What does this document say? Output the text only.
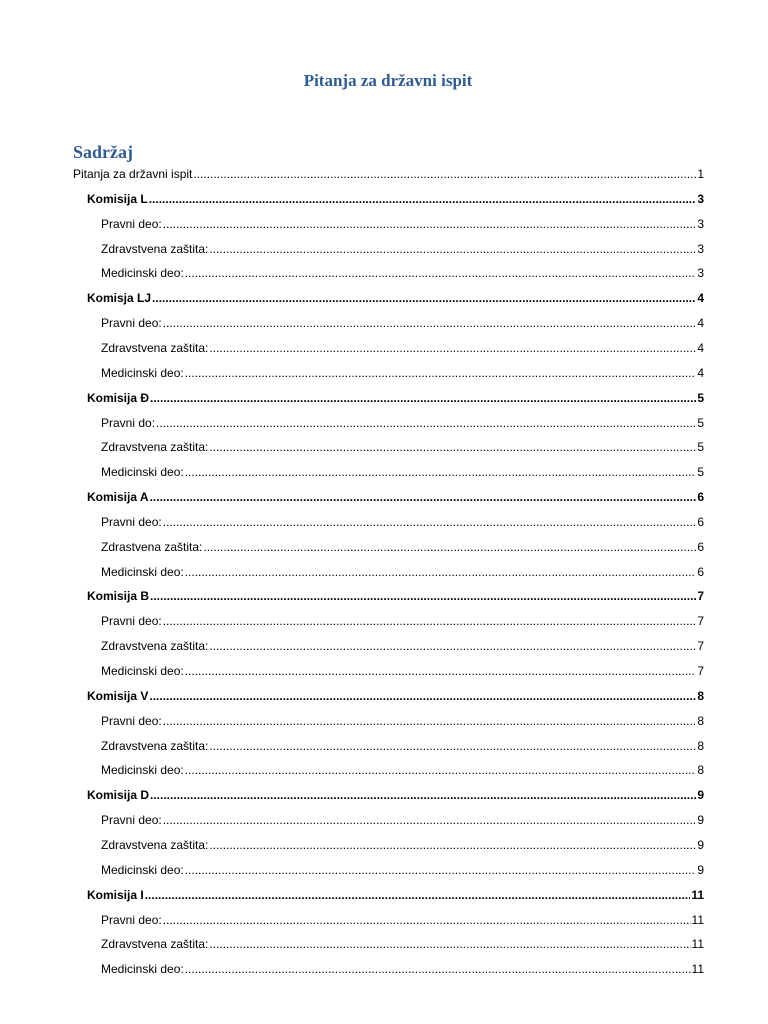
Pitanja za državni ispit
Sadržaj
Pitanja za državni ispit .....	1
Komisija L .....	3
Pravni deo: .....	3
Zdravstvena zaštita: .....	3
Medicinski deo: .....	3
Komisja LJ .....	4
Pravni deo: .....	4
Zdravstvena zaštita: .....	4
Medicinski deo: .....	4
Komisija Đ .....	5
Pravni do: .....	5
Zdravstvena zaštita: .....	5
Medicinski deo: .....	5
Komisija A .....	6
Pravni deo: .....	6
Zdrastvena zaštita: .....	6
Medicinski deo: .....	6
Komisija B .....	7
Pravni deo: .....	7
Zdravstvena zaštita: .....	7
Medicinski deo: .....	7
Komisija V .....	8
Pravni deo: .....	8
Zdravstvena zaštita: .....	8
Medicinski deo: .....	8
Komisija D .....	9
Pravni deo: .....	9
Zdravstvena zaštita: .....	9
Medicinski deo: .....	9
Komisija I .....	11
Pravni deo: .....	11
Zdravstvena zaštita: .....	11
Medicinski deo: .....	11
